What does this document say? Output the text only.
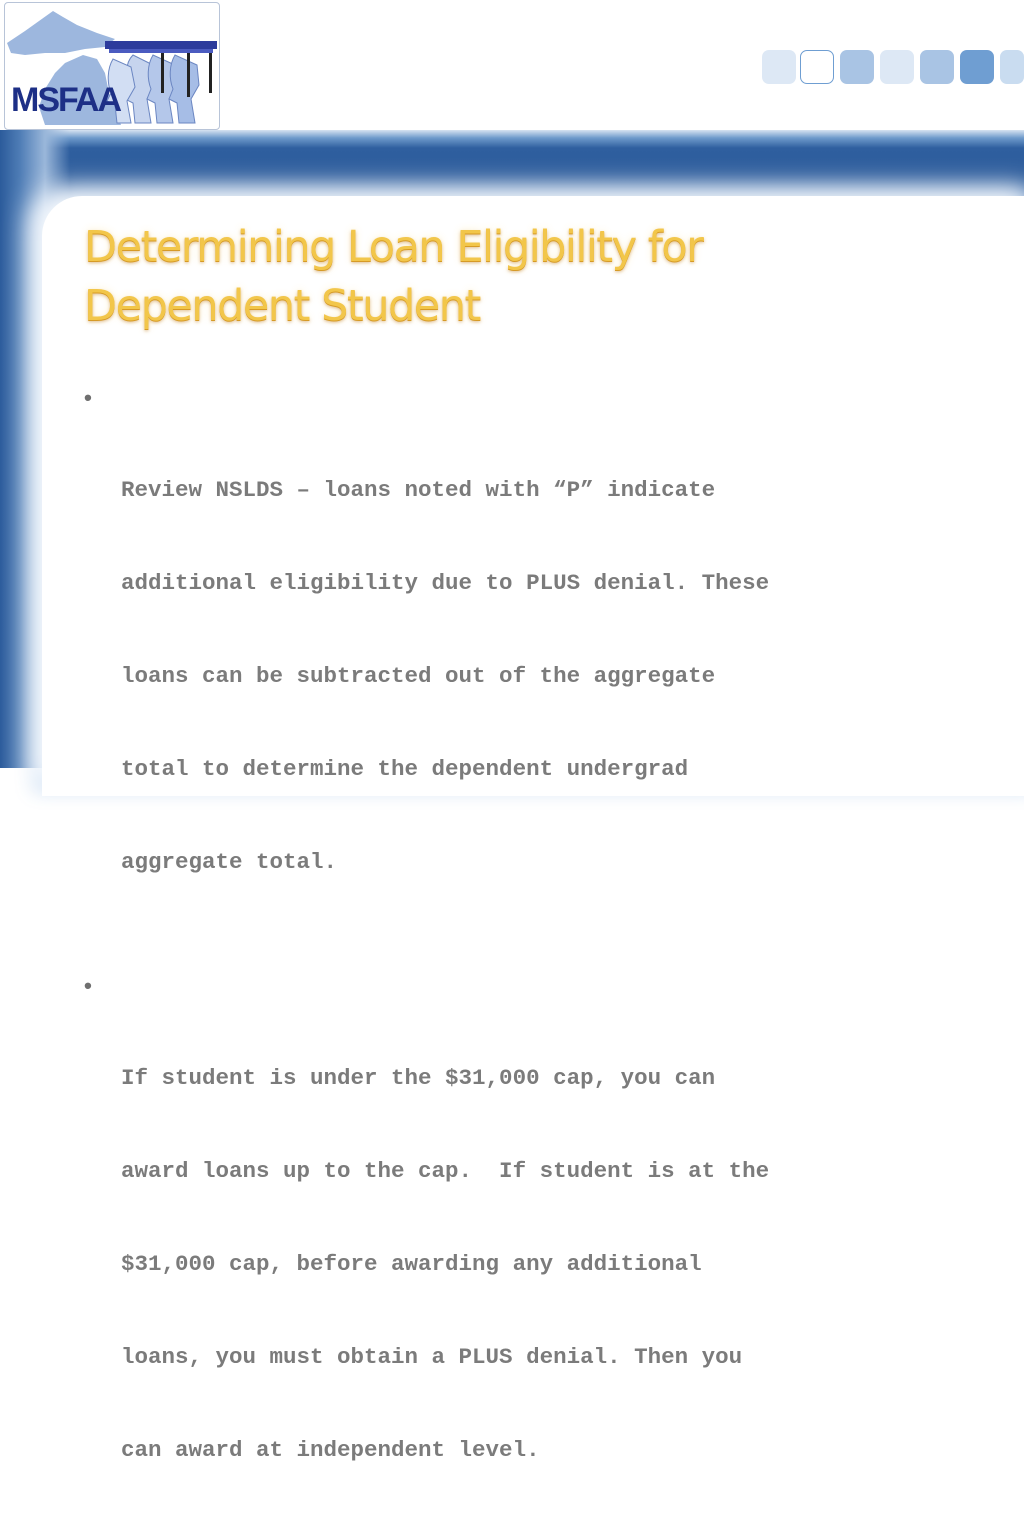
MSFAA
Determining Loan Eligibility for
Dependent Student

•

Review NSLDS – loans noted with “P” indicate

additional eligibility due to PLUS denial. These

loans can be subtracted out of the aggregate

total to determine the dependent undergrad

aggregate total.

•

If student is under the $31,000 cap, you can

award loans up to the cap.  If student is at the

$31,000 cap, before awarding any additional

loans, you must obtain a PLUS denial. Then you

can award at independent level.
